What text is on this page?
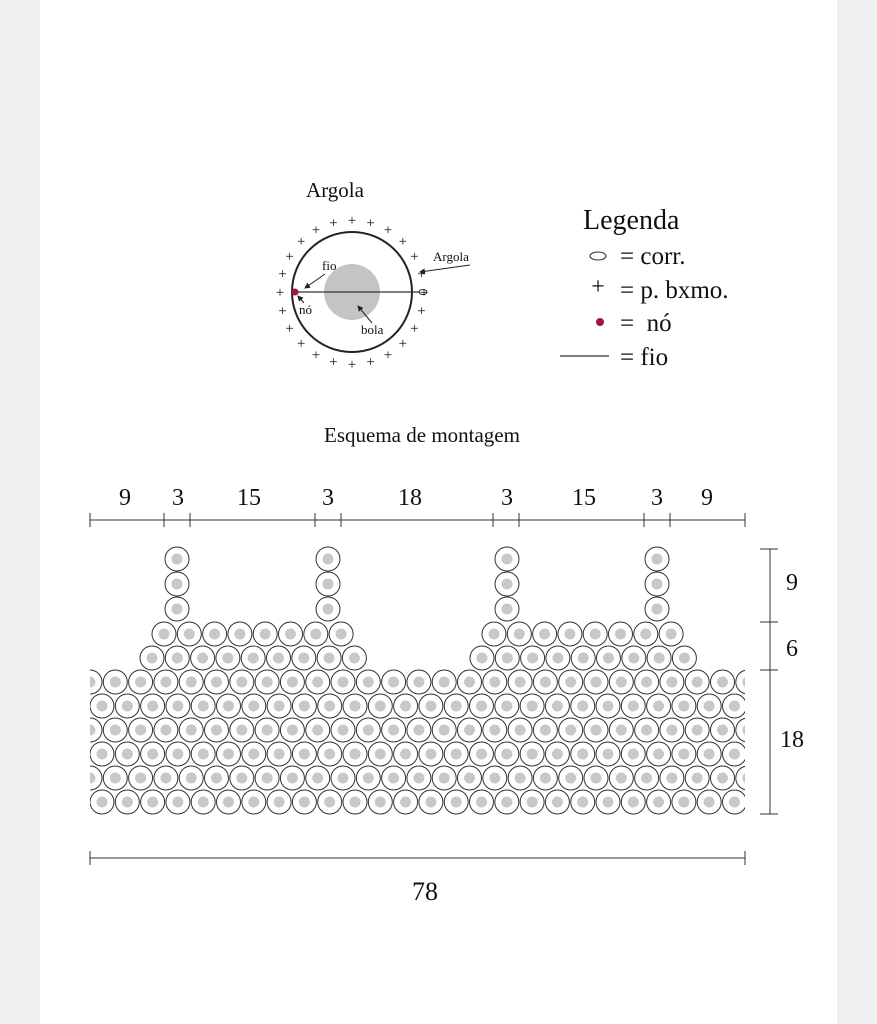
Argola
+
+
+
+
+
+
+
+
+
+
+
+
+
+
+
+
+ + + + +
+
+
+
fio
nó
bola
Argola
Legenda
= corr.
+ = p. bxmo.
=  nó
= fio
Esquema de montagem
9 3 15	3	18	3 15 3 9
9
6
18
78
